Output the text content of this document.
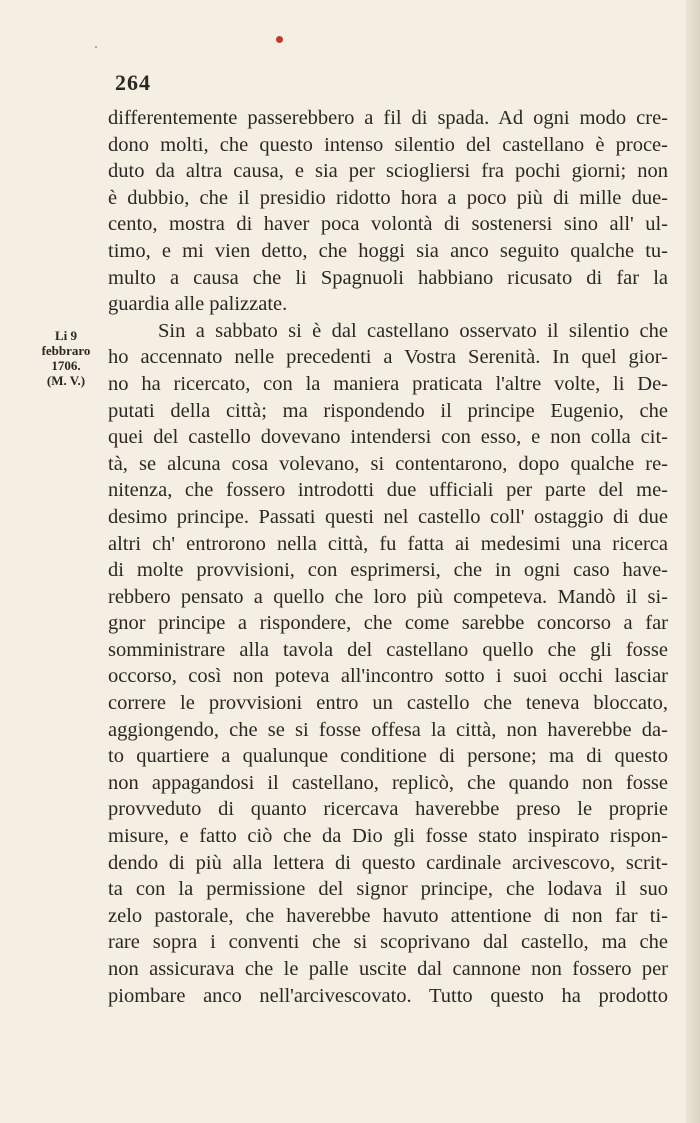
264
Li 9
febbraro
1706.
(M. V.)
differentemente passerebbero a fil di spada. Ad ogni modo cre-
dono molti, che questo intenso silentio del castellano è proce-
duto da altra causa, e sia per sciogliersi fra pochi giorni; non
è dubbio, che il presidio ridotto hora a poco più di mille due-
cento, mostra di haver poca volontà di sostenersi sino all' ul-
timo, e mi vien detto, che hoggi sia anco seguito qualche tu-
multo a causa che li Spagnuoli habbiano ricusato di far la
guardia alle palizzate.
Sin a sabbato si è dal castellano osservato il silentio che
ho accennato nelle precedenti a Vostra Serenità. In quel gior-
no ha ricercato, con la maniera praticata l'altre volte, li De-
putati della città; ma rispondendo il principe Eugenio, che
quei del castello dovevano intendersi con esso, e non colla cit-
tà, se alcuna cosa volevano, si contentarono, dopo qualche re-
nitenza, che fossero introdotti due ufficiali per parte del me-
desimo principe. Passati questi nel castello coll' ostaggio di due
altri ch' entrorono nella città, fu fatta ai medesimi una ricerca
di molte provvisioni, con esprimersi, che in ogni caso have-
rebbero pensato a quello che loro più competeva. Mandò il si-
gnor principe a rispondere, che come sarebbe concorso a far
somministrare alla tavola del castellano quello che gli fosse
occorso, così non poteva all'incontro sotto i suoi occhi lasciar
correre le provvisioni entro un castello che teneva bloccato,
aggiongendo, che se si fosse offesa la città, non haverebbe da-
to quartiere a qualunque conditione di persone; ma di questo
non appagandosi il castellano, replicò, che quando non fosse
provveduto di quanto ricercava haverebbe preso le proprie
misure, e fatto ciò che da Dio gli fosse stato inspirato rispon-
dendo di più alla lettera di questo cardinale arcivescovo, scrit-
ta con la permissione del signor principe, che lodava il suo
zelo pastorale, che haverebbe havuto attentione di non far ti-
rare sopra i conventi che si scoprivano dal castello, ma che
non assicurava che le palle uscite dal cannone non fossero per
piombare anco nell'arcivescovato. Tutto questo ha prodotto
